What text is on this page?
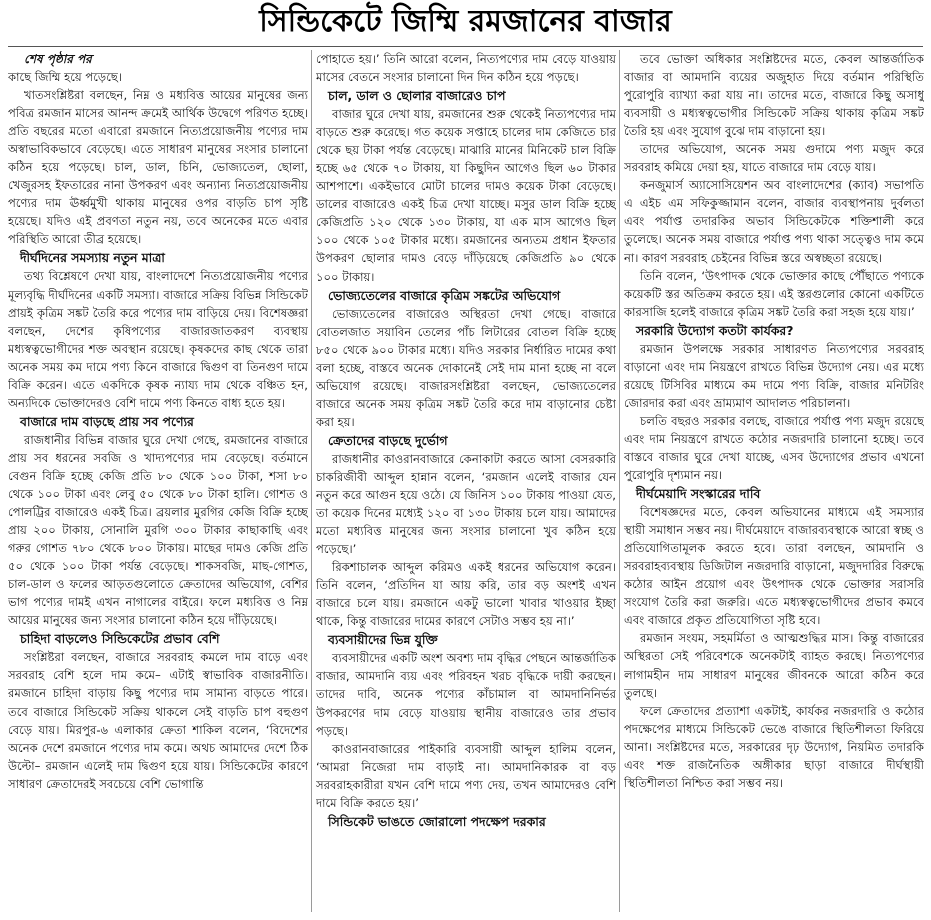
সিন্ডিকেটে জিম্মি রমজানের বাজার

শেষ পৃষ্ঠার পর

কাছে জিম্মি হয়ে পড়েছে।

খাতসংশ্লিষ্টরা বলছেন, নিম্ন ও মধ্যবিত্ত আয়ের মানুষের জন্য পবিত্র রমজান মাসের আনন্দ ক্রমেই আর্থিক উদ্বেগে পরিণত হচ্ছে। প্রতি বছরের মতো এবারো রমজানে নিত্যপ্রয়োজনীয় পণ্যের দাম অস্বাভাবিকভাবে বেড়েছে। এতে সাধারণ মানুষের সংসার চালানো কঠিন হয়ে পড়েছে। চাল, ডাল, চিনি, ভোজ্যতেল, ছোলা, খেজুরসহ ইফতারের নানা উপকরণ এবং অন্যান্য নিত্যপ্রয়োজনীয় পণ্যের দাম ঊর্ধ্বমুখী থাকায় মানুষের ওপর বাড়তি চাপ সৃষ্টি হয়েছে। যদিও এই প্রবণতা নতুন নয়, তবে অনেকের মতে এবার পরিস্থিতি আরো তীব্র হয়েছে।

দীর্ঘদিনের সমস্যায় নতুন মাত্রা

তথ্য বিশ্লেষণে দেখা যায়, বাংলাদেশে নিত্যপ্রয়োজনীয় পণ্যের মূল্যবৃদ্ধি দীর্ঘদিনের একটি সমস্যা। বাজারে সক্রিয় বিভিন্ন সিন্ডিকেট প্রায়ই কৃত্রিম সঙ্কট তৈরি করে পণ্যের দাম বাড়িয়ে দেয়। বিশেষজ্ঞরা বলছেন, দেশের কৃষিপণ্যের বাজারজাতকরণ ব্যবস্থায় মধ্যস্বত্বভোগীদের শক্ত অবস্থান রয়েছে। কৃষকদের কাছ থেকে তারা অনেক সময় কম দামে পণ্য কিনে বাজারে দ্বিগুণ বা তিনগুণ দামে বিক্রি করেন। এতে একদিকে কৃষক ন্যায্য দাম থেকে বঞ্চিত হন, অন্যদিকে ভোক্তাদেরও বেশি দামে পণ্য কিনতে বাধ্য হতে হয়।

বাজারে দাম বাড়ছে প্রায় সব পণ্যের

রাজধানীর বিভিন্ন বাজার ঘুরে দেখা গেছে, রমজানের বাজারে প্রায় সব ধরনের সবজি ও খাদ্যপণ্যের দাম বেড়েছে। বর্তমানে বেগুন বিক্রি হচ্ছে কেজি প্রতি ৮০ থেকে ১০০ টাকা, শসা ৮০ থেকে ১০০ টাকা এবং লেবু ৫০ থেকে ৮০ টাকা হালি। গোশত ও পোলট্রির বাজারেও একই চিত্র। ব্রয়লার মুরগির কেজি বিক্রি হচ্ছে প্রায় ২০০ টাকায়, সোনালি মুরগি ৩০০ টাকার কাছাকাছি এবং গরুর গোশত ৭৮০ থেকে ৮০০ টাকায়। মাছের দামও কেজি প্রতি ৫০ থেকে ১০০ টাকা পর্যন্ত বেড়েছে। শাকসবজি, মাছ-গোশত, চাল-ডাল ও ফলের আড়তগুলোতে ক্রেতাদের অভিযোগ, বেশির ভাগ পণ্যের দামই এখন নাগালের বাইরে। ফলে মধ্যবিত্ত ও নিম্ন আয়ের মানুষের জন্য সংসার চালানো কঠিন হয়ে দাঁড়িয়েছে।

চাহিদা বাড়লেও সিন্ডিকেটের প্রভাব বেশি

সংশ্লিষ্টরা বলছেন, বাজারে সরবরাহ কমলে দাম বাড়ে এবং সরবরাহ বেশি হলে দাম কমে– এটাই স্বাভাবিক বাজারনীতি। রমজানে চাহিদা বাড়ায় কিছু পণ্যের দাম সামান্য বাড়তে পারে। তবে বাজারে সিন্ডিকেট সক্রিয় থাকলে সেই বাড়তি চাপ বহুগুণ বেড়ে যায়। মিরপুর-৬ এলাকার ক্রেতা শাকিল বলেন, ‘বিদেশের অনেক দেশে রমজানে পণ্যের দাম কমে। অথচ আমাদের দেশে ঠিক উল্টো– রমজান এলেই দাম দ্বিগুণ হয়ে যায়। সিন্ডিকেটের কারণে সাধারণ ক্রেতাদেরই সবচেয়ে বেশি ভোগান্তি

পোহাতে হয়।’ তিনি আরো বলেন, নিত্যপণ্যের দাম বেড়ে যাওয়ায় মাসের বেতনে সংসার চালানো দিন দিন কঠিন হয়ে পড়ছে।

চাল, ডাল ও ছোলার বাজারেও চাপ

বাজার ঘুরে দেখা যায়, রমজানের শুরু থেকেই নিত্যপণ্যের দাম বাড়তে শুরু করেছে। গত কয়েক সপ্তাহে চালের দাম কেজিতে চার থেকে ছয় টাকা পর্যন্ত বেড়েছে। মাঝারি মানের মিনিকেট চাল বিক্রি হচ্ছে ৬৫ থেকে ৭০ টাকায়, যা কিছুদিন আগেও ছিল ৬০ টাকার আশপাশে। একইভাবে মোটা চালের দামও কয়েক টাকা বেড়েছে। ডালের বাজারেও একই চিত্র দেখা যাচ্ছে। মসুর ডাল বিক্রি হচ্ছে কেজিপ্রতি ১২০ থেকে ১৩০ টাকায়, যা এক মাস আগেও ছিল ১০০ থেকে ১০৫ টাকার মধ্যে। রমজানের অন্যতম প্রধান ইফতার উপকরণ ছোলার দামও বেড়ে দাঁড়িয়েছে কেজিপ্রতি ৯০ থেকে ১০০ টাকায়।

ভোজ্যতেলের বাজারে কৃত্রিম সঙ্কটের অভিযোগ

ভোজ্যতেলের বাজারেও অস্থিরতা দেখা গেছে। বাজারে বোতলজাত সয়াবিন তেলের পাঁচ লিটারের বোতল বিক্রি হচ্ছে ৮৫০ থেকে ৯০০ টাকার মধ্যে। যদিও সরকার নির্ধারিত দামের কথা বলা হচ্ছে, বাস্তবে অনেক দোকানেই সেই দাম মানা হচ্ছে না বলে অভিযোগ রয়েছে। বাজারসংশ্লিষ্টরা বলছেন, ভোজ্যতেলের বাজারে অনেক সময় কৃত্রিম সঙ্কট তৈরি করে দাম বাড়ানোর চেষ্টা করা হয়।

ক্রেতাদের বাড়ছে দুর্ভোগ

রাজধানীর কাওরানবাজারে কেনাকাটা করতে আসা বেসরকারি চাকরিজীবী আব্দুল হান্নান বলেন, ‘রমজান এলেই বাজার যেন নতুন করে আগুন হয়ে ওঠে। যে জিনিস ১০০ টাকায় পাওয়া যেত, তা কয়েক দিনের মধ্যেই ১২০ বা ১৩০ টাকায় চলে যায়। আমাদের মতো মধ্যবিত্ত মানুষের জন্য সংসার চালানো খুব কঠিন হয়ে পড়েছে।’

রিকশাচালক আব্দুল করিমও একই ধরনের অভিযোগ করেন। তিনি বলেন, ‘প্রতিদিন যা আয় করি, তার বড় অংশই এখন বাজারে চলে যায়। রমজানে একটু ভালো খাবার খাওয়ার ইচ্ছা থাকে, কিন্তু বাজারের দামের কারণে সেটাও সম্ভব হয় না।’

ব্যবসায়ীদের ভিন্ন যুক্তি

ব্যবসায়ীদের একটি অংশ অবশ্য দাম বৃদ্ধির পেছনে আন্তর্জাতিক বাজার, আমদানি ব্যয় এবং পরিবহন খরচ বৃদ্ধিকে দায়ী করছেন। তাদের দাবি, অনেক পণ্যের কাঁচামাল বা আমদানিনির্ভর উপকরণের দাম বেড়ে যাওয়ায় স্থানীয় বাজারেও তার প্রভাব পড়ছে।

কাওরানবাজারের পাইকারি ব্যবসায়ী আব্দুল হালিম বলেন, ‘আমরা নিজেরা দাম বাড়াই না। আমদানিকারক বা বড় সরবরাহকারীরা যখন বেশি দামে পণ্য দেয়, তখন আমাদেরও বেশি দামে বিক্রি করতে হয়।’

সিন্ডিকেট ভাঙতে জোরালো পদক্ষেপ দরকার

তবে ভোক্তা অধিকার সংশ্লিষ্টদের মতে, কেবল আন্তর্জাতিক বাজার বা আমদানি ব্যয়ের অজুহাত দিয়ে বর্তমান পরিস্থিতি পুরোপুরি ব্যাখ্যা করা যায় না। তাদের মতে, বাজারে কিছু অসাধু ব্যবসায়ী ও মধ্যস্বত্বভোগীর সিন্ডিকেট সক্রিয় থাকায় কৃত্রিম সঙ্কট তৈরি হয় এবং সুযোগ বুঝে দাম বাড়ানো হয়।

তাদের অভিযোগ, অনেক সময় গুদামে পণ্য মজুদ করে সরবরাহ কমিয়ে দেয়া হয়, যাতে বাজারে দাম বেড়ে যায়।

কনজুমার্স অ্যাসোসিয়েশন অব বাংলাদেশের (ক্যাব) সভাপতি এ এইচ এম সফিকুজ্জামান বলেন, বাজার ব্যবস্থাপনায় দুর্বলতা এবং পর্যাপ্ত তদারকির অভাব সিন্ডিকেটকে শক্তিশালী করে তুলেছে। অনেক সময় বাজারে পর্যাপ্ত পণ্য থাকা সত্ত্বেও দাম কমে না। কারণ সরবরাহ চেইনের বিভিন্ন স্তরে অস্বচ্ছতা রয়েছে।

তিনি বলেন, ‘উৎপাদক থেকে ভোক্তার কাছে পৌঁছাতে পণ্যকে কয়েকটি স্তর অতিক্রম করতে হয়। এই স্তরগুলোর কোনো একটিতে কারসাজি হলেই বাজারে কৃত্রিম সঙ্কট তৈরি করা সহজ হয়ে যায়।’

সরকারি উদ্যোগ কতটা কার্যকর?

রমজান উপলক্ষে সরকার সাধারণত নিত্যপণ্যের সরবরাহ বাড়ানো এবং দাম নিয়ন্ত্রণে রাখতে বিভিন্ন উদ্যোগ নেয়। এর মধ্যে রয়েছে টিসিবির মাধ্যমে কম দামে পণ্য বিক্রি, বাজার মনিটরিং জোরদার করা এবং ভ্রাম্যমাণ আদালত পরিচালনা।

চলতি বছরও সরকার বলছে, বাজারে পর্যাপ্ত পণ্য মজুদ রয়েছে এবং দাম নিয়ন্ত্রণে রাখতে কঠোর নজরদারি চালানো হচ্ছে। তবে বাস্তবে বাজার ঘুরে দেখা যাচ্ছে, এসব উদ্যোগের প্রভাব এখনো পুরোপুরি দৃশ্যমান নয়।

দীর্ঘমেয়াদি সংস্কারের দাবি

বিশেষজ্ঞদের মতে, কেবল অভিযানের মাধ্যমে এই সমস্যার স্থায়ী সমাধান সম্ভব নয়। দীর্ঘমেয়াদে বাজারব্যবস্থাকে আরো স্বচ্ছ ও প্রতিযোগিতামূলক করতে হবে। তারা বলছেন, আমদানি ও সরবরাহব্যবস্থায় ডিজিটাল নজরদারি বাড়ানো, মজুদদারির বিরুদ্ধে কঠোর আইন প্রয়োগ এবং উৎপাদক থেকে ভোক্তার সরাসরি সংযোগ তৈরি করা জরুরি। এতে মধ্যস্বত্বভোগীদের প্রভাব কমবে এবং বাজারে প্রকৃত প্রতিযোগিতা সৃষ্টি হবে।

রমজান সংযম, সহমর্মিতা ও আত্মশুদ্ধির মাস। কিন্তু বাজারের অস্থিরতা সেই পরিবেশকে অনেকটাই ব্যাহত করছে। নিত্যপণ্যের লাগামহীন দাম সাধারণ মানুষের জীবনকে আরো কঠিন করে তুলছে।

ফলে ক্রেতাদের প্রত্যাশা একটাই, কার্যকর নজরদারি ও কঠোর পদক্ষেপের মাধ্যমে সিন্ডিকেট ভেঙে বাজারে স্থিতিশীলতা ফিরিয়ে আনা। সংশ্লিষ্টদের মতে, সরকারের দৃঢ় উদ্যোগ, নিয়মিত তদারকি এবং শক্ত রাজনৈতিক অঙ্গীকার ছাড়া বাজারে দীর্ঘস্থায়ী স্থিতিশীলতা নিশ্চিত করা সম্ভব নয়।
